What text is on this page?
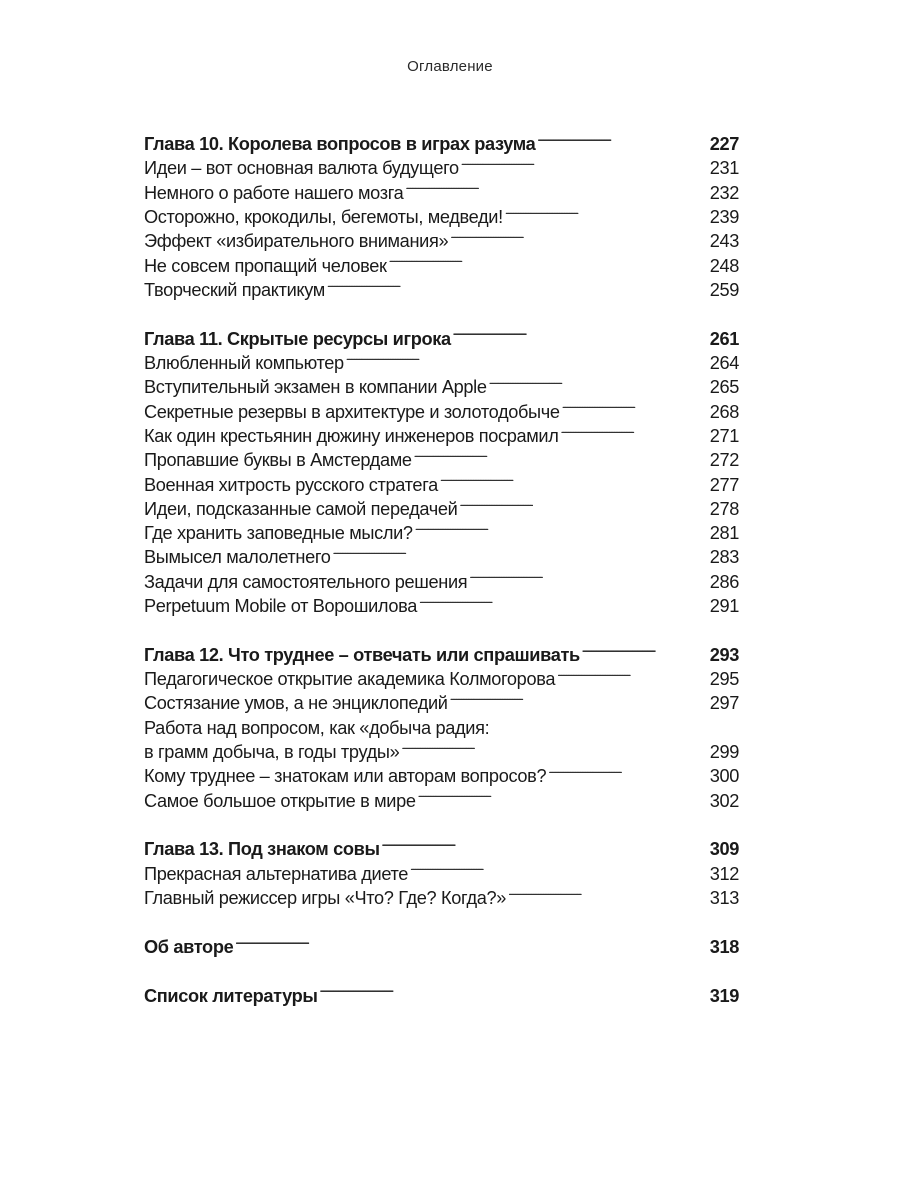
Оглавление
Глава 10. Королева вопросов в играх разума . . .	227
Идеи – вот основная валюта будущего . . .	231
Немного о работе нашего мозга . . .	232
Осторожно, крокодилы, бегемоты, медведи! . . .	239
Эффект «избирательного внимания» . . .	243
Не совсем пропащий человек . . .	248
Творческий практикум . . .	259
Глава 11. Скрытые ресурсы игрока . . .	261
Влюбленный компьютер . . .	264
Вступительный экзамен в компании Apple . . .	265
Секретные резервы в архитектуре и золотодобыче . . .	268
Как один крестьянин дюжину инженеров посрамил . . .	271
Пропавшие буквы в Амстердаме . . .	272
Военная хитрость русского стратега . . .	277
Идеи, подсказанные самой передачей . . .	278
Где хранить заповедные мысли? . . .	281
Вымысел малолетнего . . .	283
Задачи для самостоятельного решения . . .	286
Perpetuum Mobile от Ворошилова . . .	291
Глава 12. Что труднее – отвечать или спрашивать . . .	293
Педагогическое открытие академика Колмогорова . . .	295
Состязание умов, а не энциклопедий . . .	297
Работа над вопросом, как «добыча радия:
в грамм добыча, в годы труды» . . .	299
Кому труднее – знатокам или авторам вопросов? . . .	300
Самое большое открытие в мире . . .	302
Глава 13. Под знаком совы . . .	309
Прекрасная альтернатива диете . . .	312
Главный режиссер игры «Что? Где? Когда?» . . .	313
Об авторе . . .	318
Список литературы . . .	319
